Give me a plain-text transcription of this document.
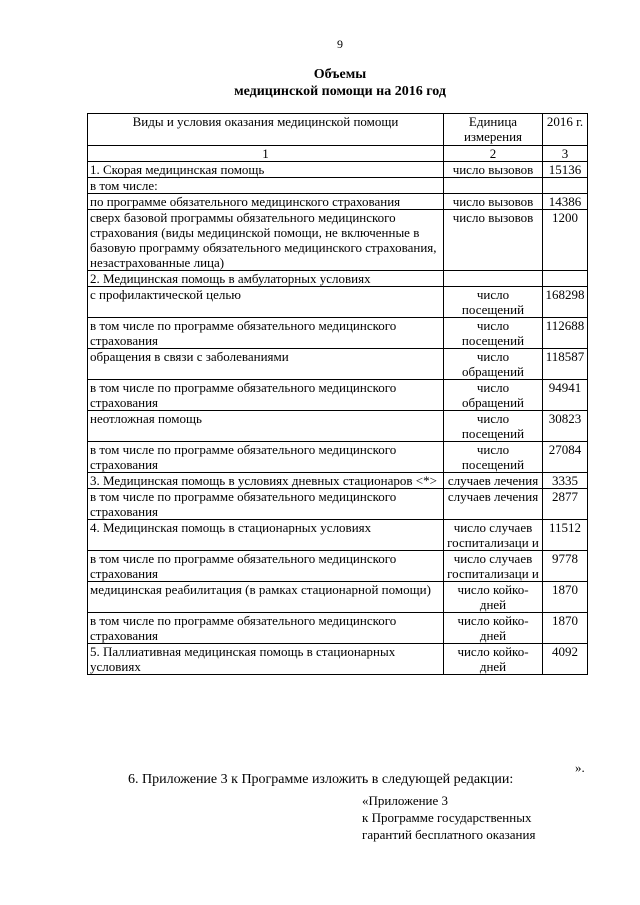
9
Объемы
медицинской помощи на 2016 год
Виды и условия оказания медицинской помощи	Единица измерения	2016 г.
1	2	3
1. Скорая медицинская помощь	число вызовов	15136
в том числе:		
по программе обязательного медицинского страхования	число вызовов	14386
сверх базовой программы обязательного медицинского страхования (виды медицинской помощи, не включенные в базовую программу обязательного медицинского страхования, незастрахованные лица)	число вызовов	1200
2. Медицинская помощь в амбулаторных условиях		
с профилактической целью	число посещений	168298
в том числе по программе обязательного медицинского страхования	число посещений	112688
обращения в связи с заболеваниями	число обращений	118587
в том числе по программе обязательного медицинского страхования	число обращений	94941
неотложная помощь	число посещений	30823
в том числе по программе обязательного медицинского страхования	число посещений	27084
3. Медицинская помощь в условиях дневных стационаров <*>	случаев лечения	3335
в том числе по программе обязательного медицинского страхования	случаев лечения	2877
4. Медицинская помощь в стационарных условиях	число случаев госпитализаци и	11512
в том числе по программе обязательного медицинского страхования	число случаев госпитализаци и	9778
медицинская реабилитация (в рамках стационарной помощи)	число койко-дней	1870
в том числе по программе обязательного медицинского страхования	число койко-дней	1870
5. Паллиативная медицинская помощь в стационарных условиях	число койко-дней	4092
».
6. Приложение 3 к Программе изложить в следующей редакции:
«Приложение 3
к Программе государственных
гарантий бесплатного оказания
